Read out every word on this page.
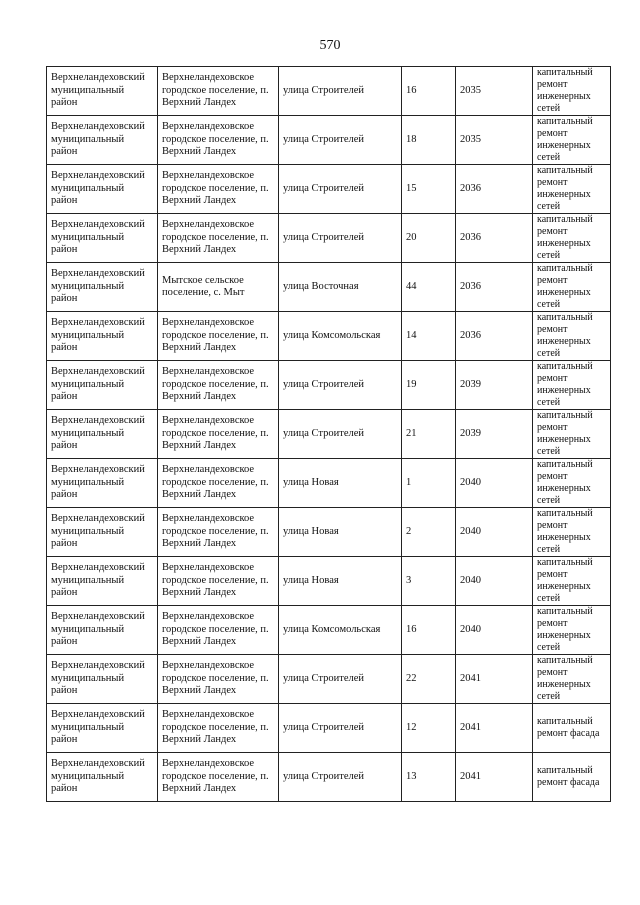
570
Верхнеландеховский муниципальный район	Верхнеландеховское городское поселение, п. Верхний Ландех	улица Строителей	16	2035	капитальный ремонт инженерных сетей
Верхнеландеховский муниципальный район	Верхнеландеховское городское поселение, п. Верхний Ландех	улица Строителей	18	2035	капитальный ремонт инженерных сетей
Верхнеландеховский муниципальный район	Верхнеландеховское городское поселение, п. Верхний Ландех	улица Строителей	15	2036	капитальный ремонт инженерных сетей
Верхнеландеховский муниципальный район	Верхнеландеховское городское поселение, п. Верхний Ландех	улица Строителей	20	2036	капитальный ремонт инженерных сетей
Верхнеландеховский муниципальный район	Мытское сельское поселение, с. Мыт	улица Восточная	44	2036	капитальный ремонт инженерных сетей
Верхнеландеховский муниципальный район	Верхнеландеховское городское поселение, п. Верхний Ландех	улица Комсомольская	14	2036	капитальный ремонт инженерных сетей
Верхнеландеховский муниципальный район	Верхнеландеховское городское поселение, п. Верхний Ландех	улица Строителей	19	2039	капитальный ремонт инженерных сетей
Верхнеландеховский муниципальный район	Верхнеландеховское городское поселение, п. Верхний Ландех	улица Строителей	21	2039	капитальный ремонт инженерных сетей
Верхнеландеховский муниципальный район	Верхнеландеховское городское поселение, п. Верхний Ландех	улица Новая	1	2040	капитальный ремонт инженерных сетей
Верхнеландеховский муниципальный район	Верхнеландеховское городское поселение, п. Верхний Ландех	улица Новая	2	2040	капитальный ремонт инженерных сетей
Верхнеландеховский муниципальный район	Верхнеландеховское городское поселение, п. Верхний Ландех	улица Новая	3	2040	капитальный ремонт инженерных сетей
Верхнеландеховский муниципальный район	Верхнеландеховское городское поселение, п. Верхний Ландех	улица Комсомольская	16	2040	капитальный ремонт инженерных сетей
Верхнеландеховский муниципальный район	Верхнеландеховское городское поселение, п. Верхний Ландех	улица Строителей	22	2041	капитальный ремонт инженерных сетей
Верхнеландеховский муниципальный район	Верхнеландеховское городское поселение, п. Верхний Ландех	улица Строителей	12	2041	капитальный ремонт фасада
Верхнеландеховский муниципальный район	Верхнеландеховское городское поселение, п. Верхний Ландех	улица Строителей	13	2041	капитальный ремонт фасада
